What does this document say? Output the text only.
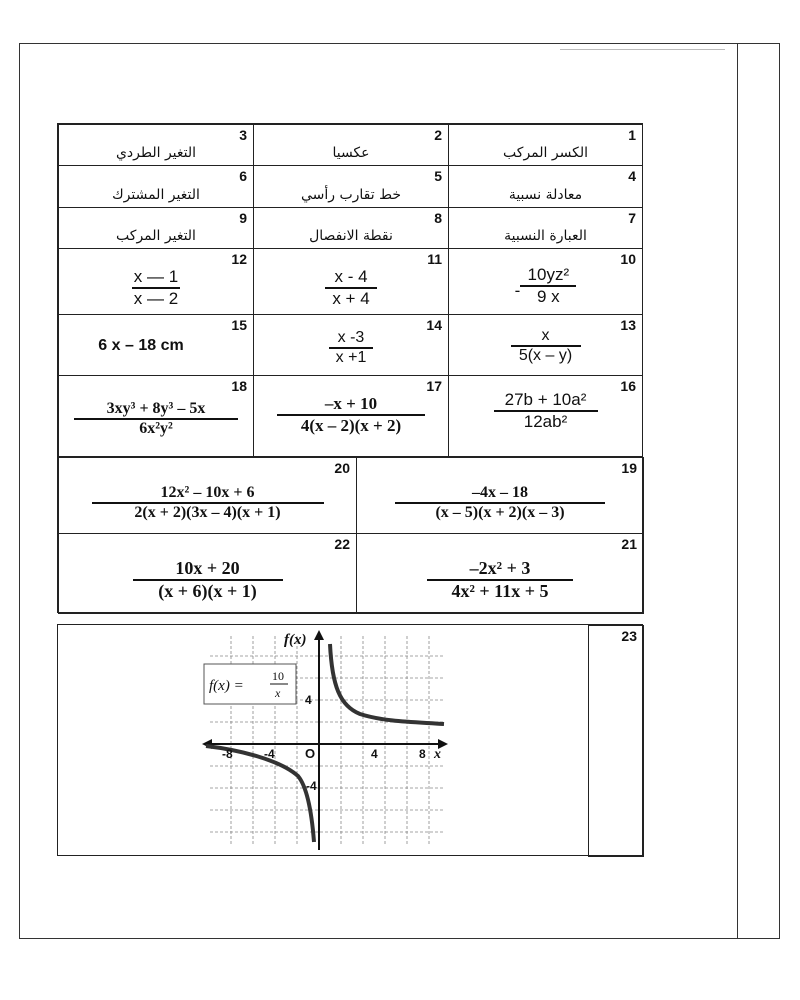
3
التغير الطردي
2
عكسيا
1
الكسر المركب
6
التغير المشترك
5
خط تقارب رأسي
4
معادلة نسبية
9
التغير المركب
8
نقطة الانفصال
7
العبارة النسبية
12
x — 1
x — 2
11
x - 4
x + 4
10
-
10yz²
9 x
15
6 x – 18 cm
14
x -3
x +1
13
x
5(x – y)
18
3xy³ + 8y³ – 5x
6x²y²
17
–x + 10
4(x – 2)(x + 2)
16
27b + 10a²
12ab²
20
12x² – 10x + 6
2(x + 2)(3x – 4)(x + 1)
19
–4x – 18
(x – 5)(x + 2)(x – 3)
22
10x + 20
(x + 6)(x + 1)
21
–2x² + 3
4x² + 11x + 5
23
f(x) =
10
x
f(x)
-8	-4 O	4	8 x
4
-4
